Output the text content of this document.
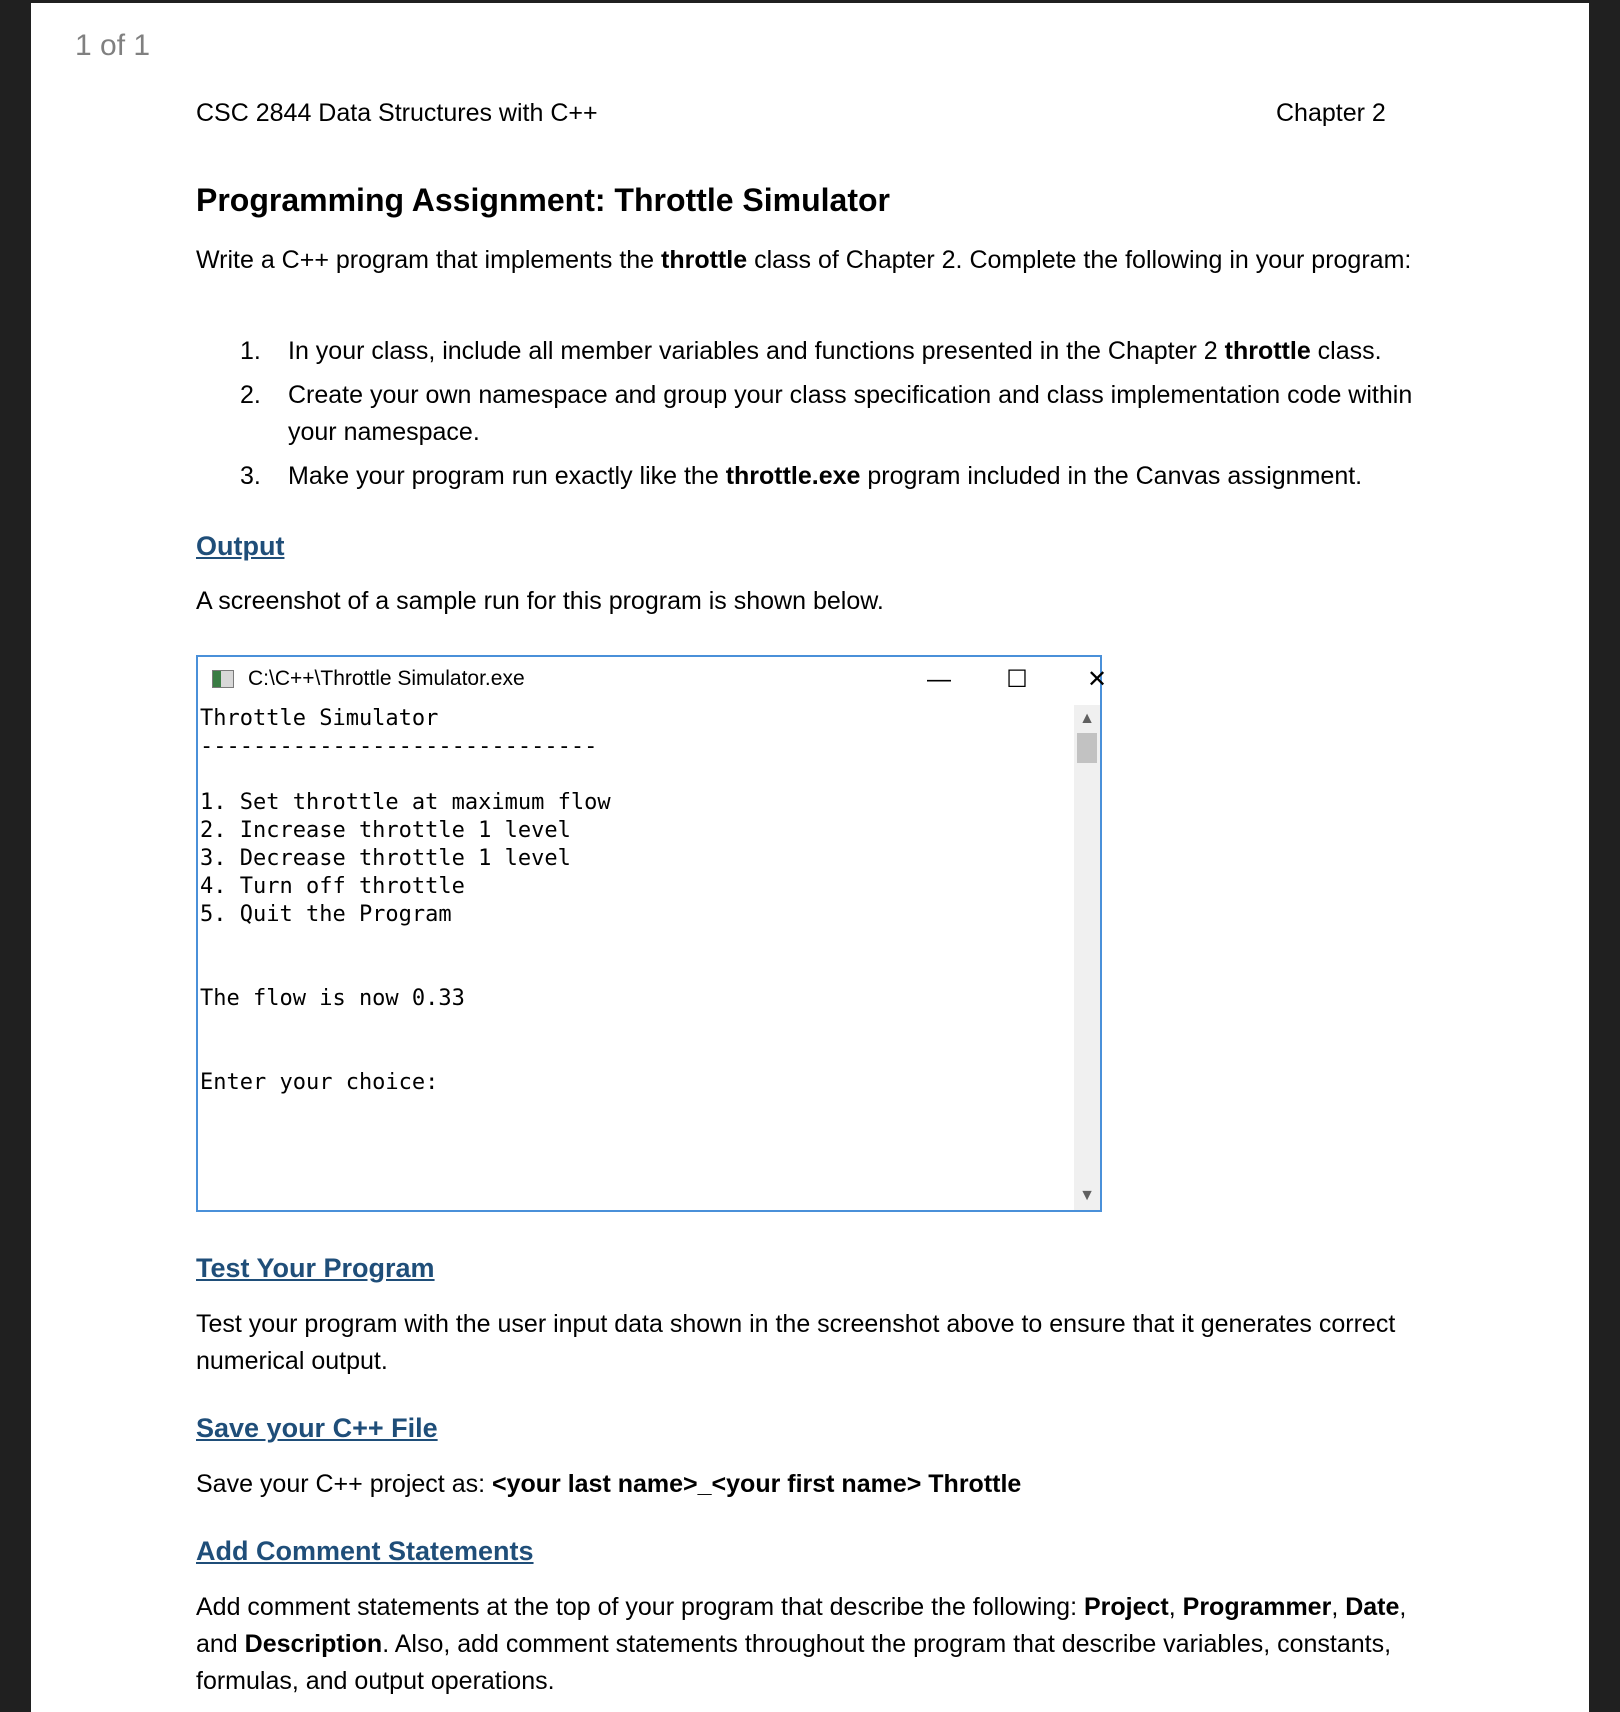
1 of 1
CSC 2844 Data Structures with C++	Chapter 2
Programming Assignment: Throttle Simulator

Write a C++ program that implements the throttle class of Chapter 2. Complete the following in your program:

1. In your class, include all member variables and functions presented in the Chapter 2 throttle class.
2. Create your own namespace and group your class specification and class implementation code within your namespace.
3. Make your program run exactly like the throttle.exe program included in the Canvas assignment.
Output

A screenshot of a sample run for this program is shown below.

Test Your Program

Test your program with the user input data shown in the screenshot above to ensure that it generates correct numerical output.

Save your C++ File

Save your C++ project as: <your last name>_<your first name> Throttle

Add Comment Statements

Add comment statements at the top of your program that describe the following: Project, Programmer, Date, and Description. Also, add comment statements throughout the program that describe variables, constants, formulas, and output operations.

C:\C++\Throttle Simulator.exe	—	☐	✕

Throttle Simulator

------------------------------

1. Set throttle at maximum flow

2. Increase throttle 1 level

3. Decrease throttle 1 level

4. Turn off throttle

5. Quit the Program

The flow is now 0.33

Enter your choice:

▲
▼
